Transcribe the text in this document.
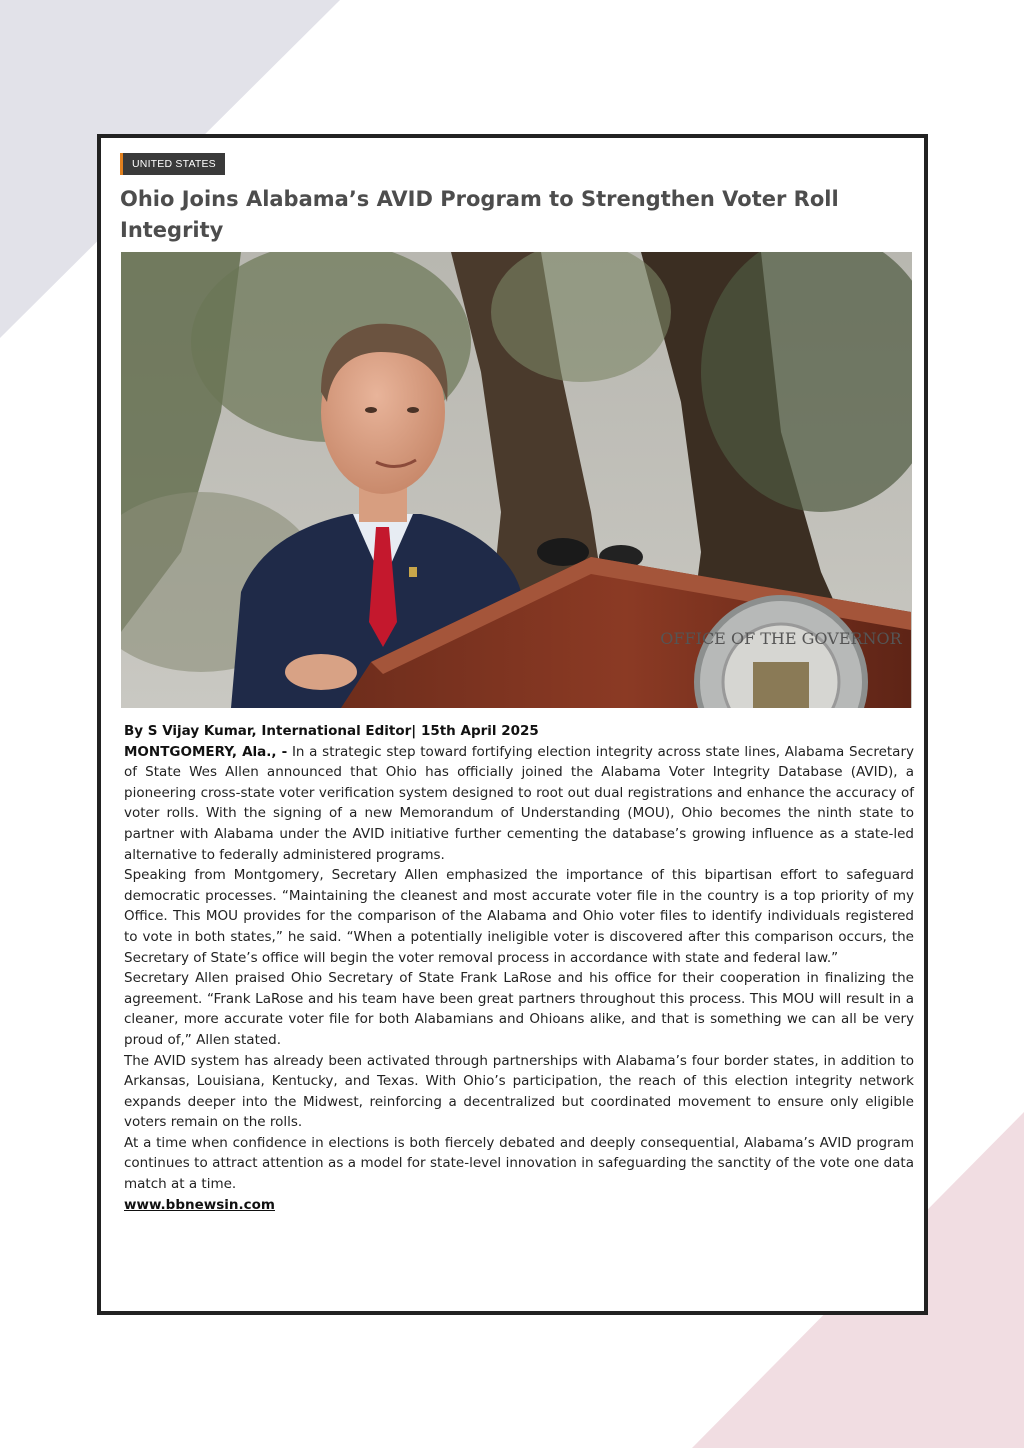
UNITED STATES
Ohio Joins Alabama’s AVID Program to Strengthen Voter Roll Integrity
OFFICE OF THE GOVERNOR

By S Vijay Kumar, International Editor| 15th April 2025

MONTGOMERY, Ala., - In a strategic step toward fortifying election integrity across state lines, Alabama Secretary of State Wes Allen announced that Ohio has officially joined the Alabama Voter Integrity Database (AVID), a pioneering cross-state voter verification system designed to root out dual registrations and enhance the accuracy of voter rolls. With the signing of a new Memorandum of Understanding (MOU), Ohio becomes the ninth state to partner with Alabama under the AVID initiative further cementing the database’s growing influence as a state-led alternative to federally administered programs.

Speaking from Montgomery, Secretary Allen emphasized the importance of this bipartisan effort to safeguard democratic processes. “Maintaining the cleanest and most accurate voter file in the country is a top priority of my Office. This MOU provides for the comparison of the Alabama and Ohio voter files to identify individuals registered to vote in both states,” he said. “When a potentially ineligible voter is discovered after this comparison occurs, the Secretary of State’s office will begin the voter removal process in accordance with state and federal law.”

Secretary Allen praised Ohio Secretary of State Frank LaRose and his office for their cooperation in finalizing the agreement. “Frank LaRose and his team have been great partners throughout this process. This MOU will result in a cleaner, more accurate voter file for both Alabamians and Ohioans alike, and that is something we can all be very proud of,” Allen stated.

The AVID system has already been activated through partnerships with Alabama’s four border states, in addition to Arkansas, Louisiana, Kentucky, and Texas. With Ohio’s participation, the reach of this election integrity network expands deeper into the Midwest, reinforcing a decentralized but coordinated movement to ensure only eligible voters remain on the rolls.

At a time when confidence in elections is both fiercely debated and deeply consequential, Alabama’s AVID program continues to attract attention as a model for state-level innovation in safeguarding the sanctity of the vote one data match at a time.

www.bbnewsin.com
